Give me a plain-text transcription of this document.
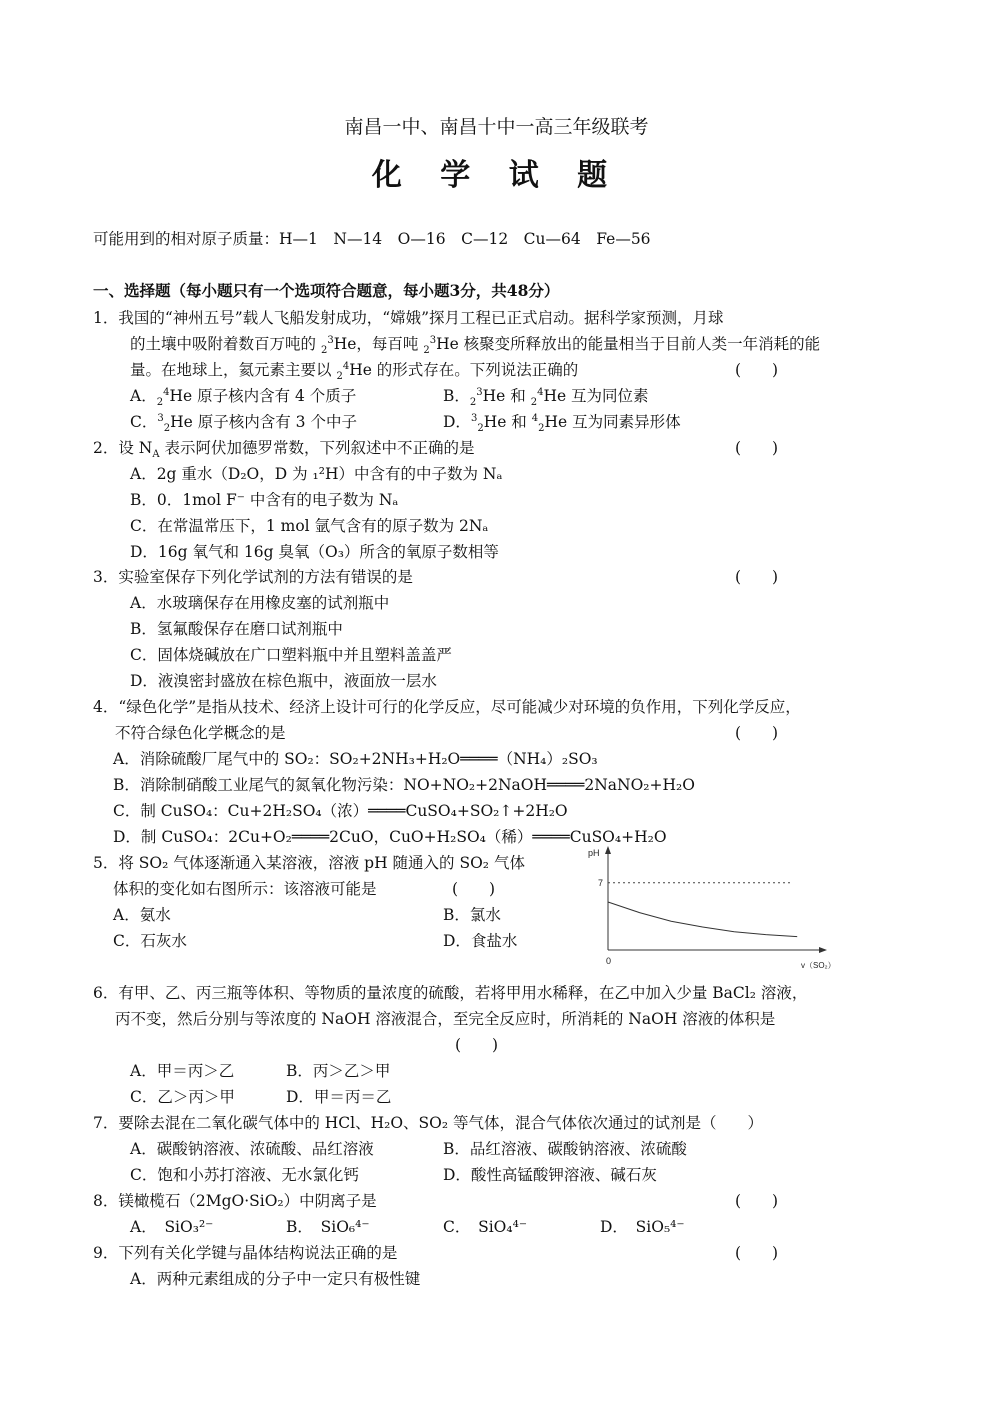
南昌一中、南昌十中一高三年级联考
化 学 试 题
可能用到的相对原子质量：H—1　N—14　O—16　C—12　Cu—64　Fe—56
一、选择题（每小题只有一个选项符合题意，每小题3分，共48分）
1．我国的“神州五号”载人飞船发射成功，“嫦娥”探月工程已正式启动。据科学家预测，月球
的土壤中吸附着数百万吨的 $_2^3$He，每百吨 $_2^3$He 核聚变所释放出的能量相当于目前人类一年消耗的能
量。在地球上，氦元素主要以 $_2^4$He 的形式存在。下列说法正确的	(　　)
A．$_2^4$He 原子核内含有 4 个质子	B．$_2^3$He 和 $_2^4$He 互为同位素
C．$^3_2$He 原子核内含有 3 个中子	D．$^3_2$He 和 $^4_2$He 互为同素异形体
2．设 $N_A$ 表示阿伏加德罗常数，下列叙述中不正确的是	(　　)
A．2g 重水（D₂O，D 为 ₁²H）中含有的中子数为 Nₐ
B．0．1mol F⁻ 中含有的电子数为 Nₐ
C．在常温常压下，1 mol 氩气含有的原子数为 2Nₐ
D．16g 氧气和 16g 臭氧（O₃）所含的氧原子数相等
3．实验室保存下列化学试剂的方法有错误的是	(　　)
A．水玻璃保存在用橡皮塞的试剂瓶中
B．氢氟酸保存在磨口试剂瓶中
C．固体烧碱放在广口塑料瓶中并且塑料盖盖严
D．液溴密封盛放在棕色瓶中，液面放一层水
4．“绿色化学”是指从技术、经济上设计可行的化学反应，尽可能减少对环境的负作用，下列化学反应，
不符合绿色化学概念的是	(　　)
A．消除硫酸厂尾气中的 SO₂：SO₂+2NH₃+H₂O════（NH₄）₂SO₃
B．消除制硝酸工业尾气的氮氧化物污染：NO+NO₂+2NaOH════2NaNO₂+H₂O
C．制 CuSO₄：Cu+2H₂SO₄（浓）════CuSO₄+SO₂↑+2H₂O
D．制 CuSO₄：2Cu+O₂════2CuO，CuO+H₂SO₄（稀）════CuSO₄+H₂O
5．将 SO₂ 气体逐渐通入某溶液，溶液 pH 随通入的 SO₂ 气体
体积的变化如右图所示：该溶液可能是	(　　)
A．氨水	B．氯水
C．石灰水	D．食盐水
pH
v（SO₂）
0
7
6．有甲、乙、丙三瓶等体积、等物质的量浓度的硫酸，若将甲用水稀释，在乙中加入少量 BaCl₂ 溶液，
丙不变，然后分别与等浓度的 NaOH 溶液混合，至完全反应时，所消耗的 NaOH 溶液的体积是
(　　)
A．甲＝丙＞乙	B．丙＞乙＞甲
C．乙＞丙＞甲	D．甲＝丙＝乙
7．要除去混在二氧化碳气体中的 HCl、H₂O、SO₂ 等气体，混合气体依次通过的试剂是（　　）
A．碳酸钠溶液、浓硫酸、品红溶液	B．品红溶液、碳酸钠溶液、浓硫酸
C．饱和小苏打溶液、无水氯化钙	D．酸性高锰酸钾溶液、碱石灰
8．镁橄榄石（2MgO·SiO₂）中阴离子是	(　　)
A．　SiO₃²⁻	B．　SiO₆⁴⁻	C．　SiO₄⁴⁻	D．　SiO₅⁴⁻
9．下列有关化学键与晶体结构说法正确的是	(　　)
A．两种元素组成的分子中一定只有极性键
